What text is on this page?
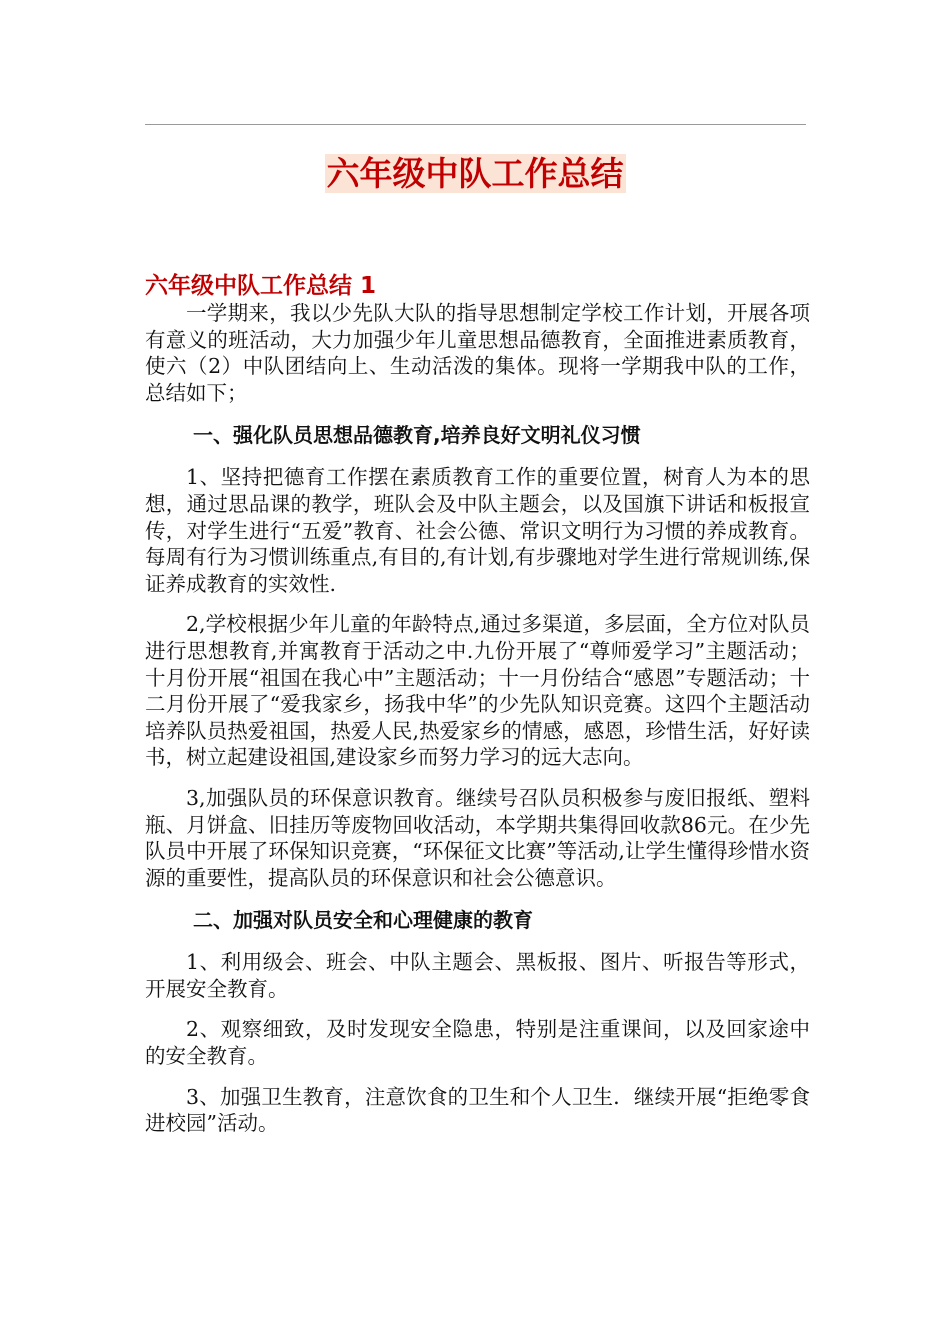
六年级中队工作总结
六年级中队工作总结 1

一学期来，我以少先队大队的指导思想制定学校工作计划，开展各项有意义的班活动，大力加强少年儿童思想品德教育，全面推进素质教育，使六（2）中队团结向上、生动活泼的集体。现将一学期我中队的工作，总结如下；

一、强化队员思想品德教育,培养良好文明礼仪习惯

1、坚持把德育工作摆在素质教育工作的重要位置，树育人为本的思想，通过思品课的教学，班队会及中队主题会，以及国旗下讲话和板报宣传，对学生进行“五爱”教育、社会公德、常识文明行为习惯的养成教育。每周有行为习惯训练重点,有目的,有计划,有步骤地对学生进行常规训练,保证养成教育的实效性.

2,学校根据少年儿童的年龄特点,通过多渠道，多层面，全方位对队员进行思想教育,并寓教育于活动之中.九份开展了“尊师爱学习”主题活动；十月份开展“祖国在我心中”主题活动；十一月份结合“感恩”专题活动；十二月份开展了“爱我家乡，扬我中华”的少先队知识竞赛。这四个主题活动培养队员热爱祖国，热爱人民,热爱家乡的情感，感恩，珍惜生活，好好读书，树立起建设祖国,建设家乡而努力学习的远大志向。

3,加强队员的环保意识教育。继续号召队员积极参与废旧报纸、塑料瓶、月饼盒、旧挂历等废物回收活动，本学期共集得回收款86元。在少先队员中开展了环保知识竞赛，“环保征文比赛”等活动,让学生懂得珍惜水资源的重要性，提高队员的环保意识和社会公德意识。

二、加强对队员安全和心理健康的教育

1、利用级会、班会、中队主题会、黑板报、图片、听报告等形式，开展安全教育。

2、观察细致，及时发现安全隐患，特别是注重课间，以及回家途中的安全教育。

3、加强卫生教育，注意饮食的卫生和个人卫生．继续开展“拒绝零食进校园”活动。
